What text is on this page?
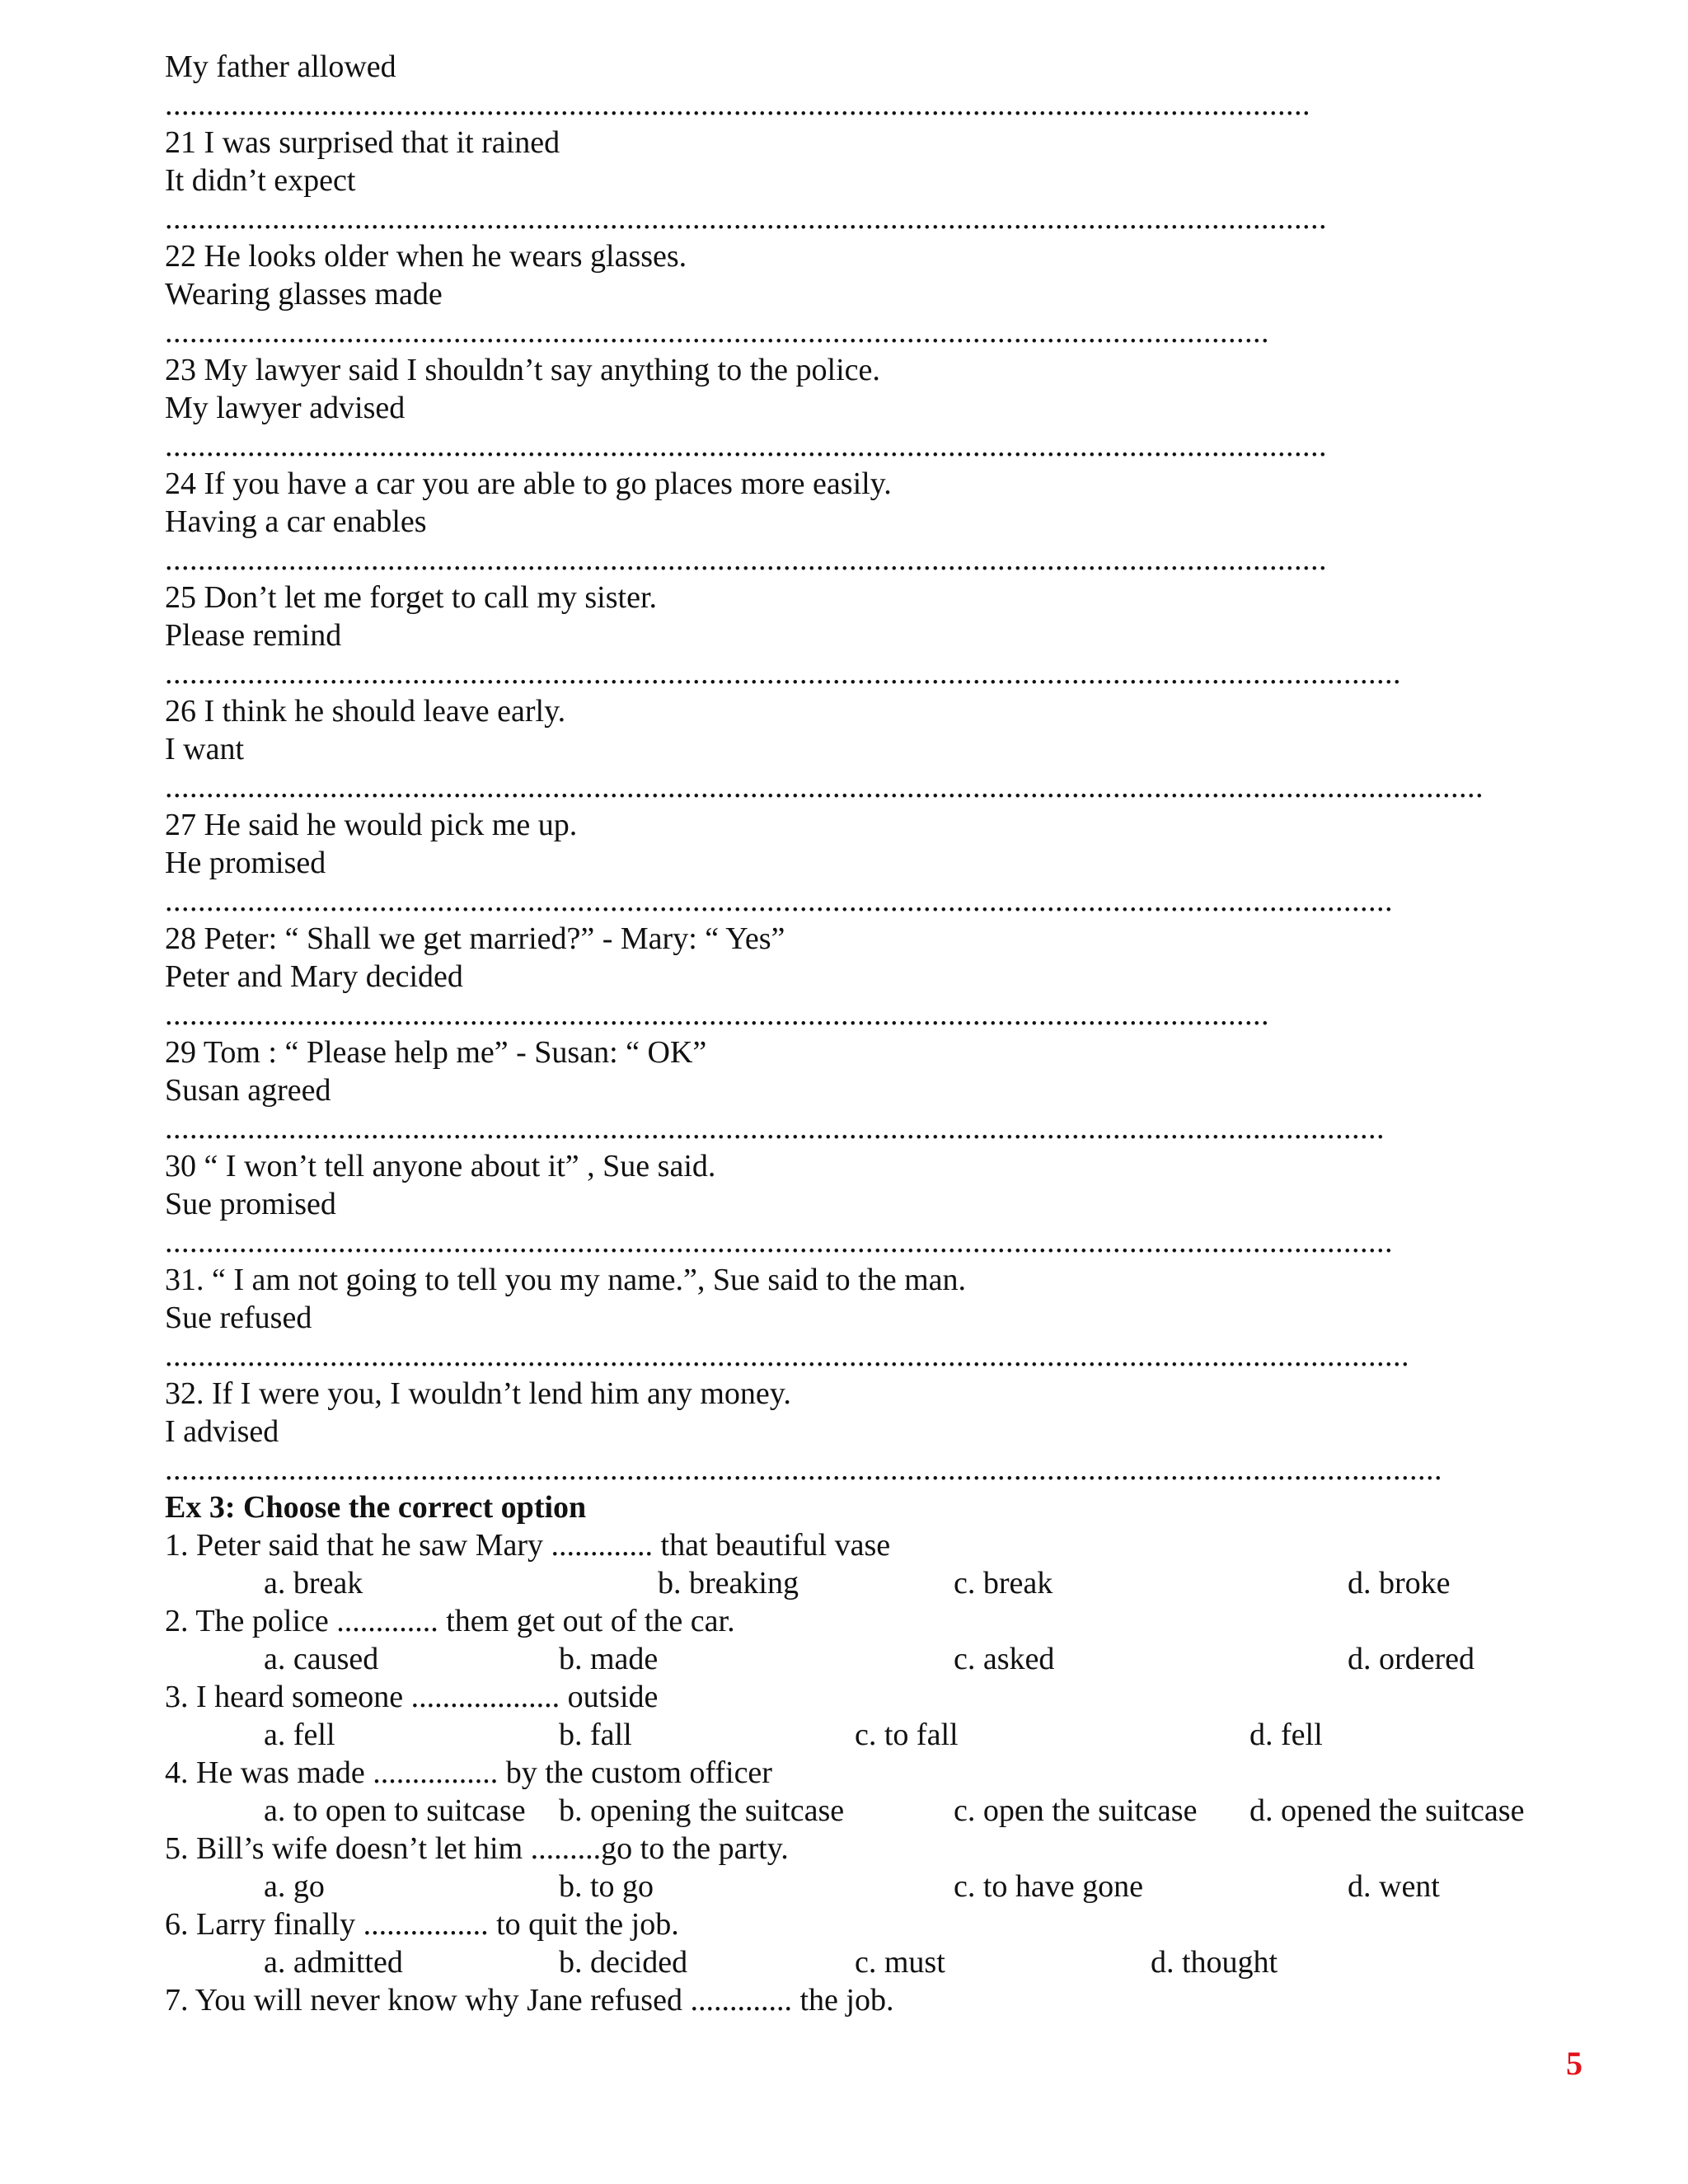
My father allowed
...........................................................................................................................................
21 I was surprised that it rained
It didn’t expect
.............................................................................................................................................
22 He looks older when he wears glasses.
Wearing glasses made
......................................................................................................................................
23 My lawyer said I shouldn’t say anything to the police.
My lawyer advised
.............................................................................................................................................
24 If you have a car you are able to go places more easily.
Having a car enables
.............................................................................................................................................
25 Don’t let me forget to call my sister.
Please remind
......................................................................................................................................................
26 I think he should leave early.
I want
................................................................................................................................................................
27 He said he would pick me up.
He promised
.....................................................................................................................................................
28 Peter: “ Shall we get married?” - Mary: “ Yes”
Peter and Mary decided
......................................................................................................................................
29 Tom : “ Please help me” - Susan: “ OK”
Susan agreed
....................................................................................................................................................
30 “ I won’t tell anyone about it” , Sue said.
Sue promised
.....................................................................................................................................................
31. “ I am not going to tell you my name.”, Sue said to the man.
Sue refused
.......................................................................................................................................................
32. If I were you, I wouldn’t lend him any money.
I advised
...........................................................................................................................................................
Ex 3: Choose the correct option
1. Peter said that he saw Mary ............. that beautiful vase
a. break	b. breaking	c. break	d. broke
2. The police ............. them get out of the car.
a. caused	b. made	c. asked	d. ordered
3. I heard someone ................... outside
a. fell	b. fall	c. to fall	d. fell
4. He was made ................ by the custom officer
a. to open to suitcase b. opening the suitcase	c. open the suitcase d. opened the suitcase
5. Bill’s wife doesn’t let him .........go to the party.
a. go	b. to go	c. to have gone	d. went
6. Larry finally ................ to quit the job.
a. admitted	b. decided	c. must	d. thought
7. You will never know why Jane refused ............. the job.
5
